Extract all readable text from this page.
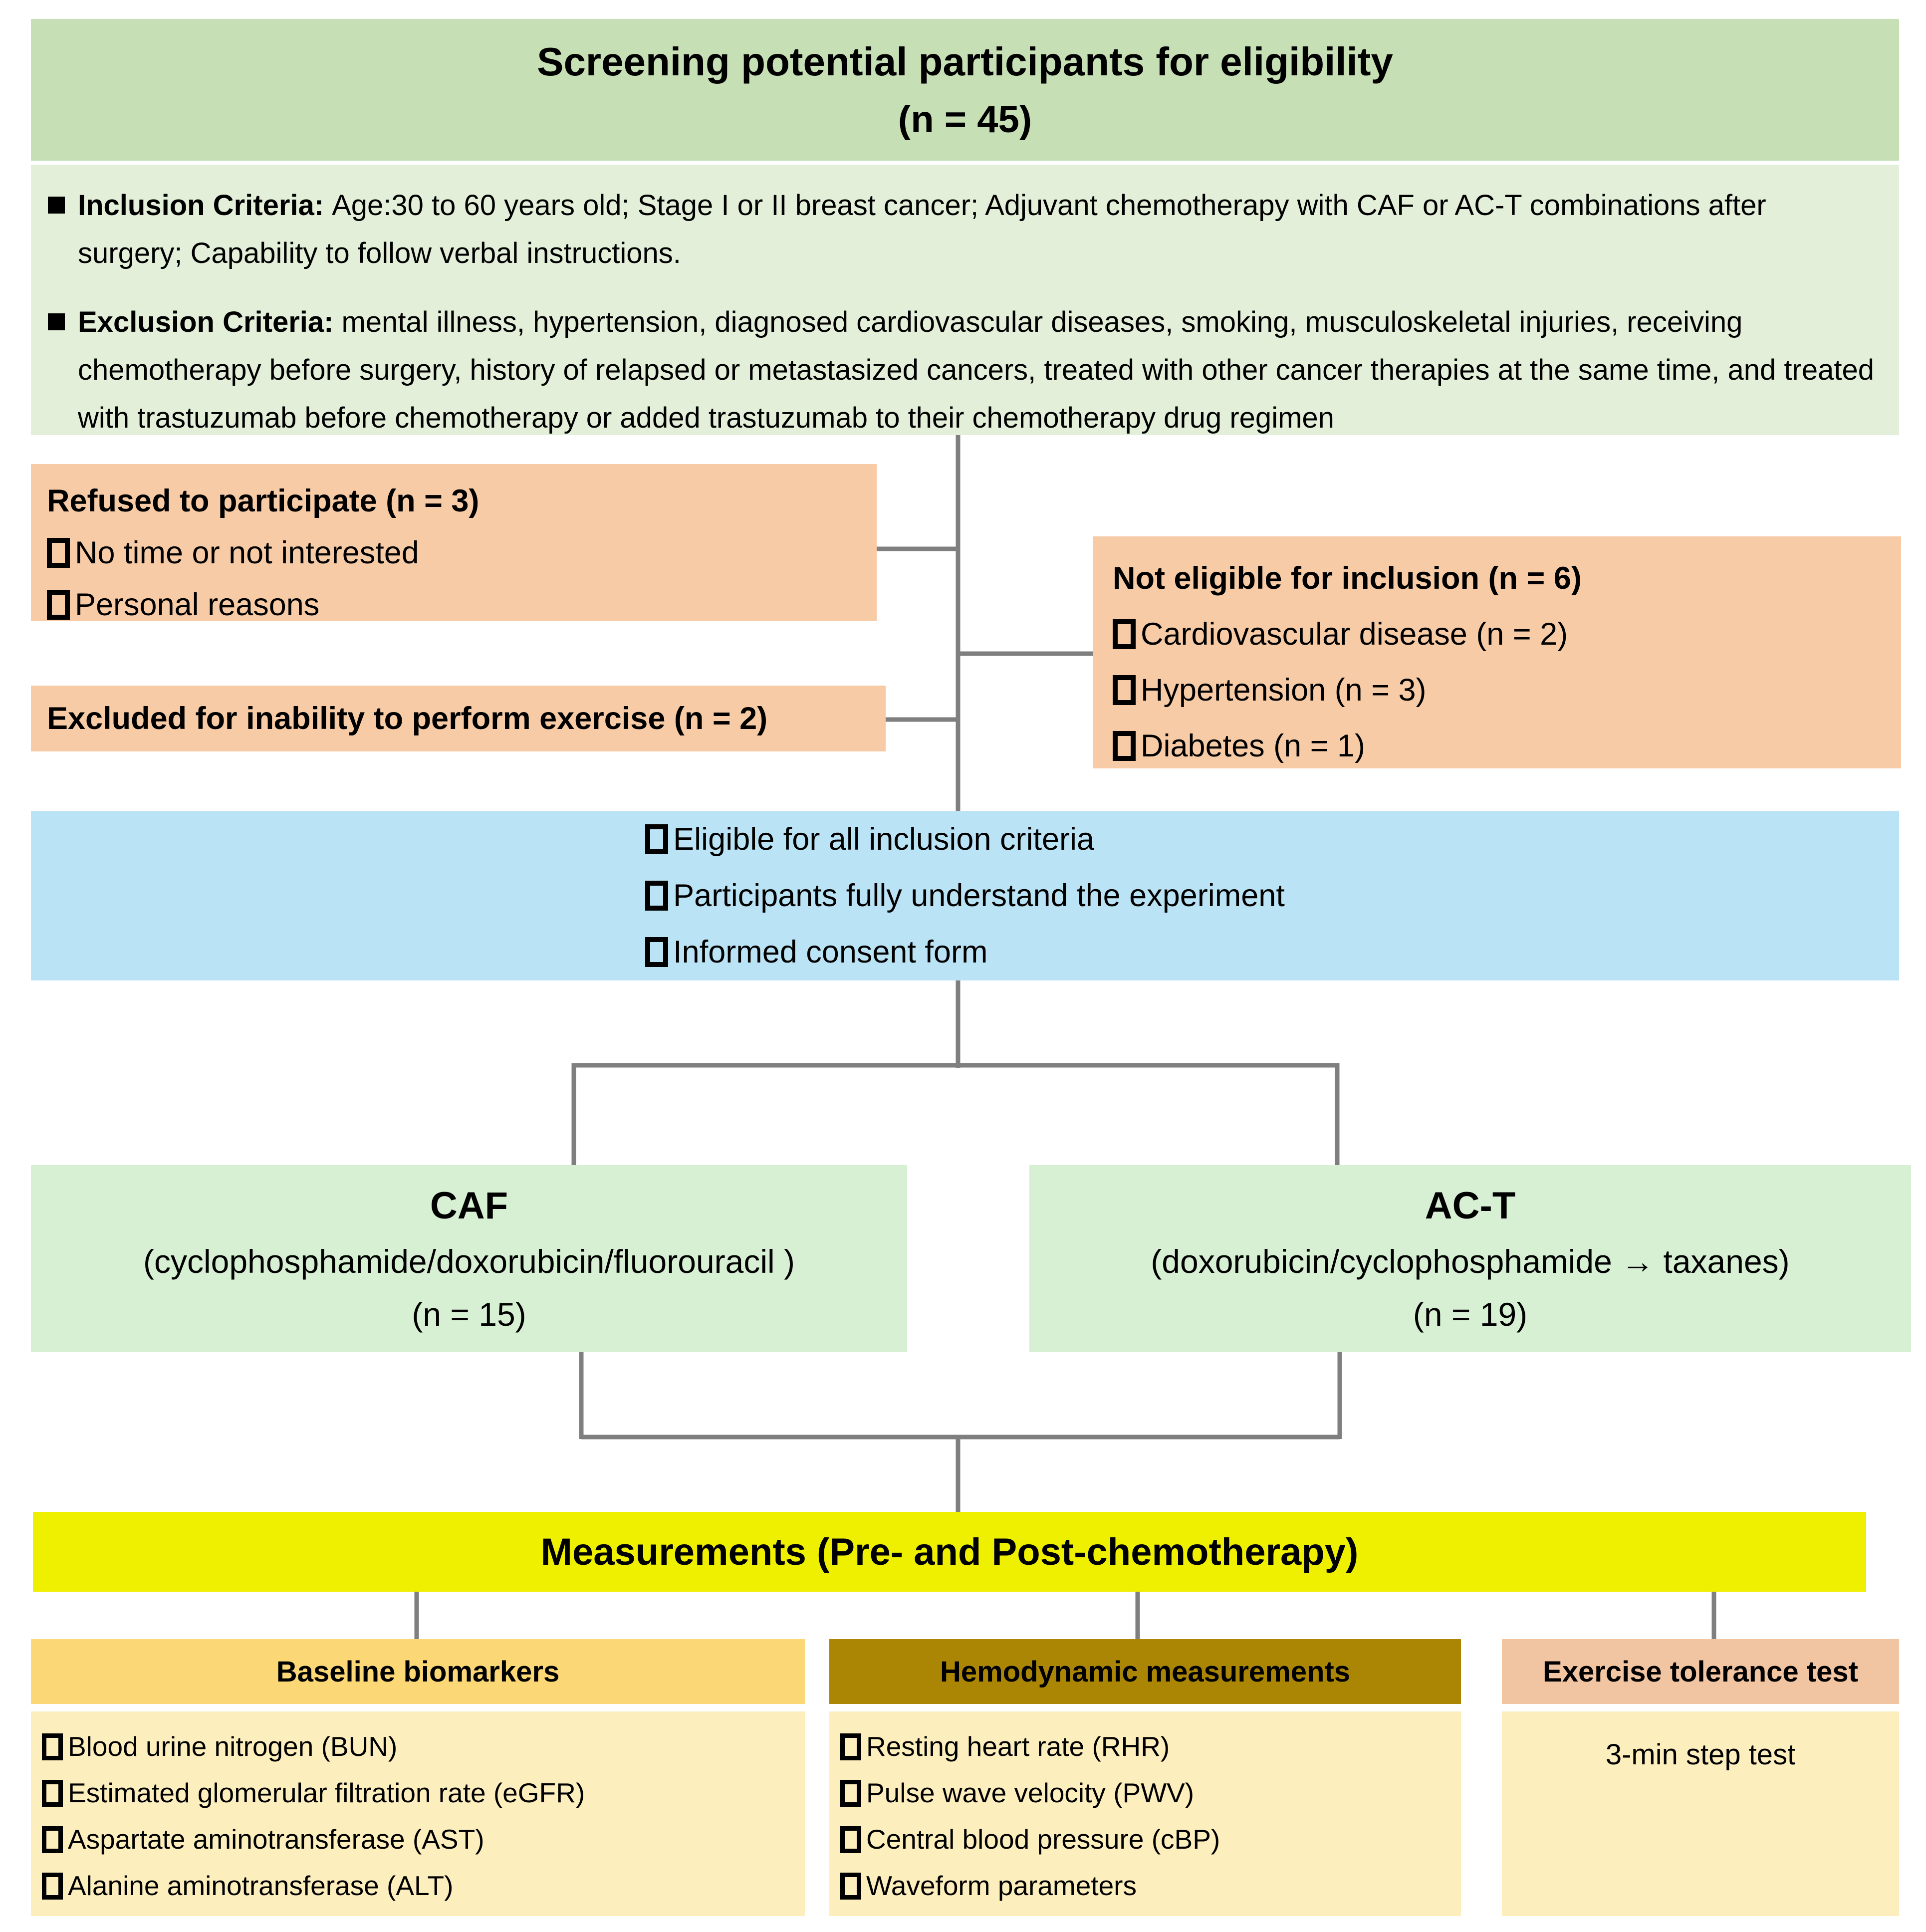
Screening potential participants for eligibility
(n = 45)
Inclusion Criteria: Age:30 to 60 years old; Stage I or II breast cancer; Adjuvant chemotherapy with CAF or AC-T combinations after surgery; Capability to follow verbal instructions.
Exclusion Criteria: mental illness, hypertension, diagnosed cardiovascular diseases, smoking, musculoskeletal injuries, receiving chemotherapy before surgery, history of relapsed or metastasized cancers, treated with other cancer therapies at the same time, and treated with trastuzumab before chemotherapy or added trastuzumab to their chemotherapy drug regimen
Refused to participate (n = 3)
No time or not interested
Personal reasons
Not eligible for inclusion (n = 6)
Cardiovascular disease (n = 2)
Hypertension (n = 3)
Diabetes (n = 1)
Excluded for inability to perform exercise (n = 2)
Eligible for all inclusion criteria
Participants fully understand the experiment
Informed consent form
CAF
(cyclophosphamide/doxorubicin/fluorouracil )
(n = 15)
AC-T
(doxorubicin/cyclophosphamide → taxanes)
(n = 19)
Measurements (Pre- and Post-chemotherapy)
Baseline biomarkers
Blood urine nitrogen (BUN)
Estimated glomerular filtration rate (eGFR)
Aspartate aminotransferase (AST)
Alanine aminotransferase (ALT)
Hemodynamic measurements
Resting heart rate (RHR)
Pulse wave velocity (PWV)
Central blood pressure (cBP)
Waveform parameters
Exercise tolerance test
3-min step test
